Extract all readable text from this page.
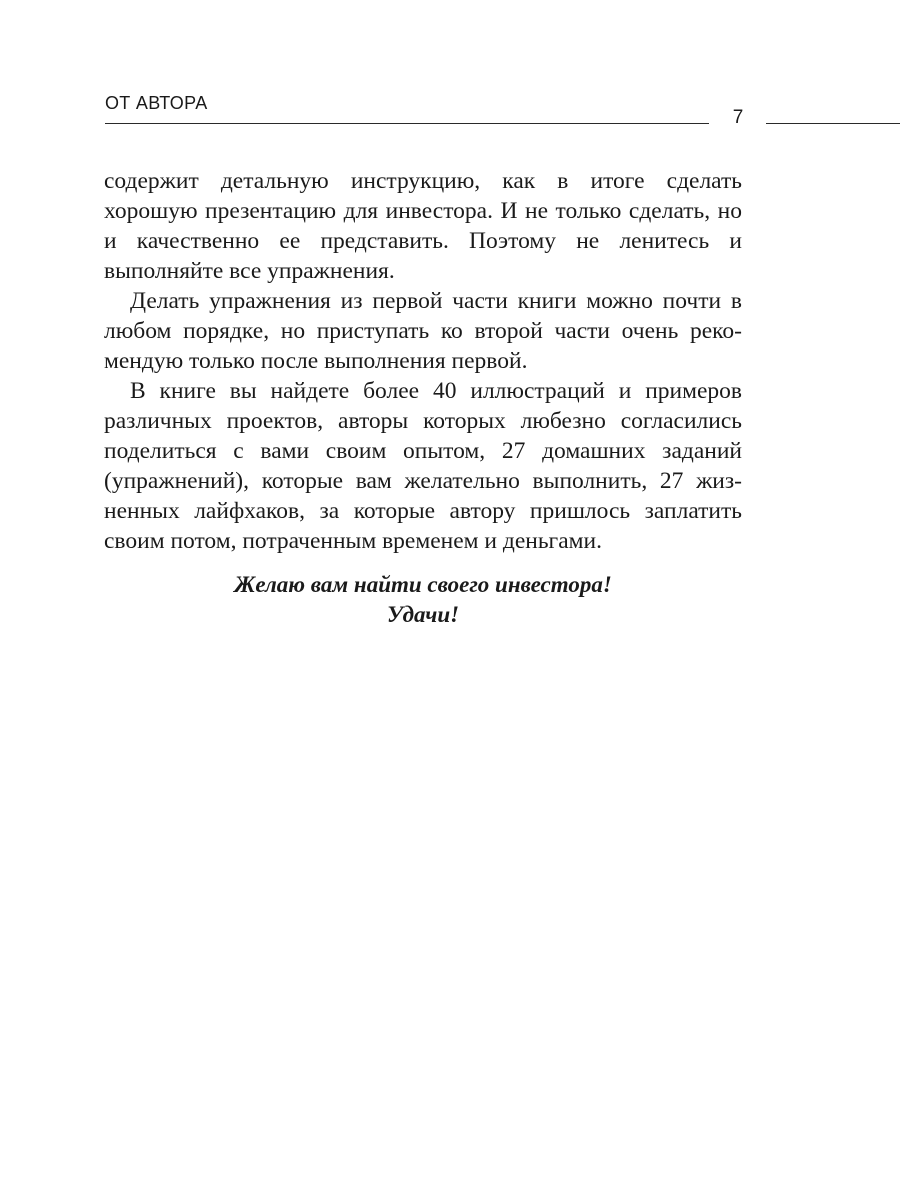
ОТ АВТОРА
7

содержит детальную инструкцию, как в итоге сделать хорошую презентацию для инвестора. И не только сделать, но и качественно ее представить. Поэтому не ленитесь и выполняйте все упражнения.

Делать упражнения из первой части книги можно почти в любом порядке, но приступать ко второй части очень рекомендую только после выполнения первой.

В книге вы найдете более 40 иллюстраций и примеров различных проектов, авторы которых любезно согласились поделиться с вами своим опытом, 27 домашних заданий (упражнений), которые вам желательно выполнить, 27 жизненных лайфхаков, за которые автору пришлось заплатить своим потом, потраченным временем и деньгами.

Желаю вам найти своего инвестора!
Удачи!
